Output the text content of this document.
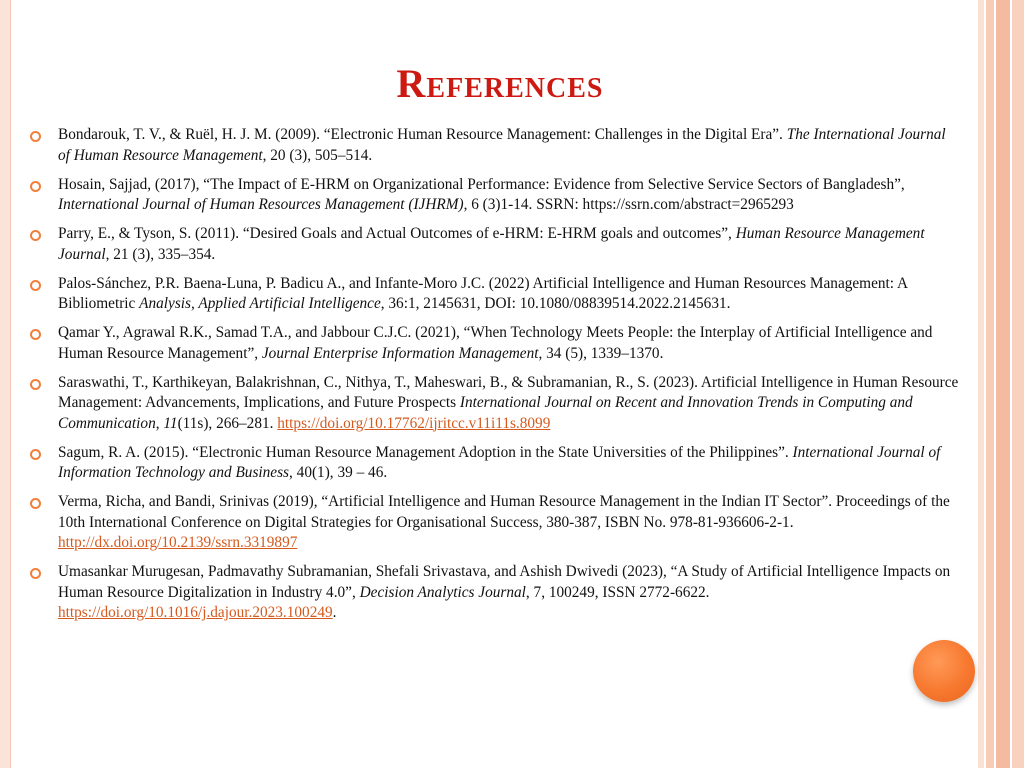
References
Bondarouk, T. V., & Ruël, H. J. M. (2009). “Electronic Human Resource Management: Challenges in the Digital Era”. The International Journal of Human Resource Management, 20 (3), 505–514.
Hosain, Sajjad, (2017), “The Impact of E-HRM on Organizational Performance: Evidence from Selective Service Sectors of Bangladesh”, International Journal of Human Resources Management (IJHRM), 6 (3)1-14. SSRN: https://ssrn.com/abstract=2965293
Parry, E., & Tyson, S. (2011). “Desired Goals and Actual Outcomes of e-HRM: E-HRM goals and outcomes”, Human Resource Management Journal, 21 (3), 335–354.
Palos-Sánchez, P.R. Baena-Luna, P. Badicu A., and Infante-Moro J.C. (2022) Artificial Intelligence and Human Resources Management: A Bibliometric Analysis, Applied Artificial Intelligence, 36:1, 2145631, DOI: 10.1080/08839514.2022.2145631.
Qamar Y., Agrawal R.K., Samad T.A., and Jabbour C.J.C. (2021), “When Technology Meets People: the Interplay of Artificial Intelligence and Human Resource Management”, Journal Enterprise Information Management, 34 (5), 1339–1370.
Saraswathi, T., Karthikeyan, Balakrishnan, C., Nithya, T., Maheswari, B., & Subramanian, R., S. (2023). Artificial Intelligence in Human Resource Management: Advancements, Implications, and Future Prospects International Journal on Recent and Innovation Trends in Computing and Communication, 11(11s), 266–281. https://doi.org/10.17762/ijritcc.v11i11s.8099
Sagum, R. A. (2015). “Electronic Human Resource Management Adoption in the State Universities of the Philippines”. International Journal of Information Technology and Business, 40(1), 39 – 46.
Verma, Richa, and Bandi, Srinivas (2019), “Artificial Intelligence and Human Resource Management in the Indian IT Sector”. Proceedings of the 10th International Conference on Digital Strategies for Organisational Success, 380-387, ISBN No. 978-81-936606-2-1. http://dx.doi.org/10.2139/ssrn.3319897
Umasankar Murugesan, Padmavathy Subramanian, Shefali Srivastava, and Ashish Dwivedi (2023), “A Study of Artificial Intelligence Impacts on Human Resource Digitalization in Industry 4.0”, Decision Analytics Journal, 7, 100249, ISSN 2772-6622. https://doi.org/10.1016/j.dajour.2023.100249.
